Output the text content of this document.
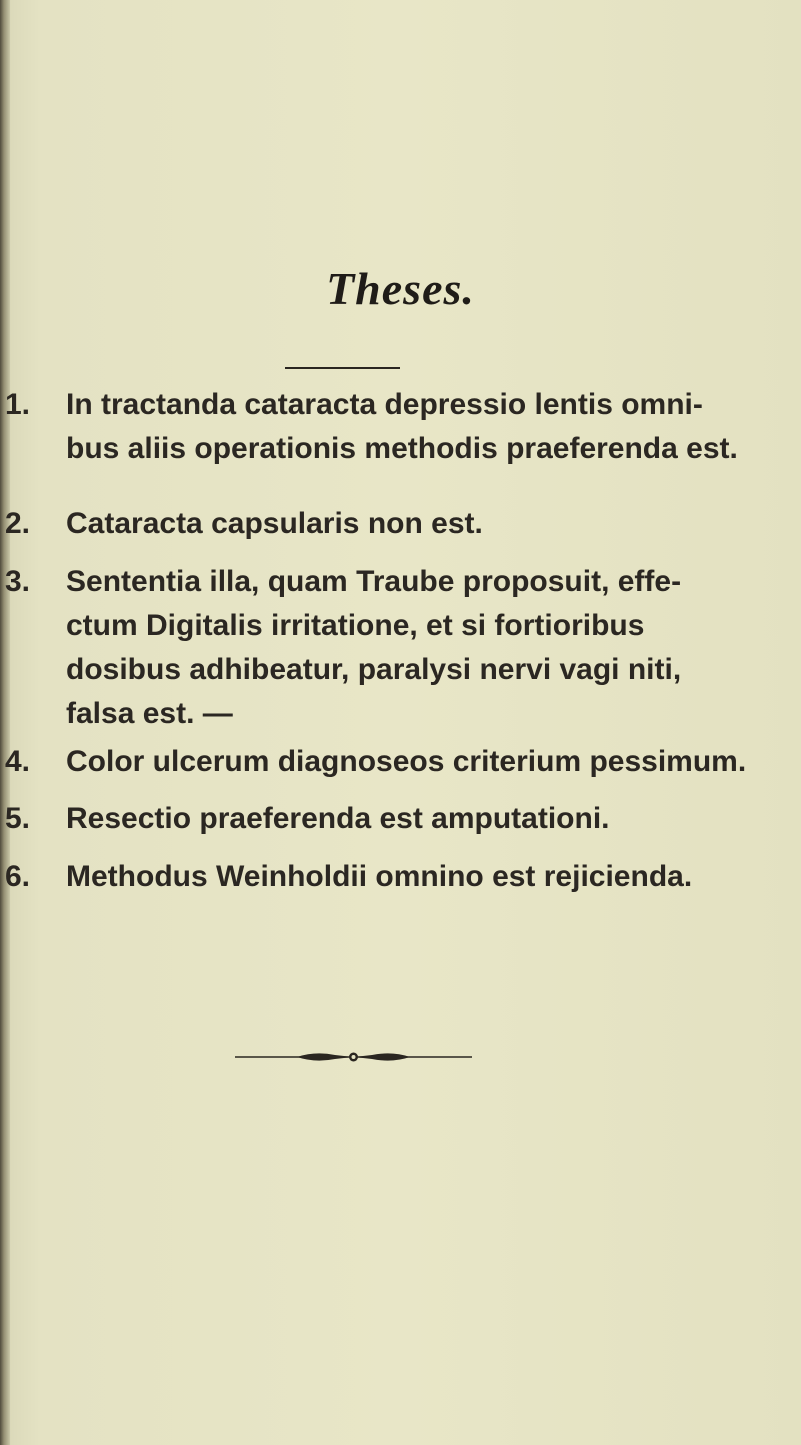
Theses.
1.	In tractanda cataracta depressio lentis omni-
bus aliis operationis methodis praeferenda est.
2.	Cataracta capsularis non est.
3.	Sententia illa, quam Traube proposuit, effe-
ctum Digitalis irritatione, et si fortioribus
dosibus adhibeatur, paralysi nervi vagi niti,
falsa est. —
4.	Color ulcerum diagnoseos criterium pessimum.
5.	Resectio praeferenda est amputationi.
6.	Methodus Weinholdii omnino est rejicienda.
